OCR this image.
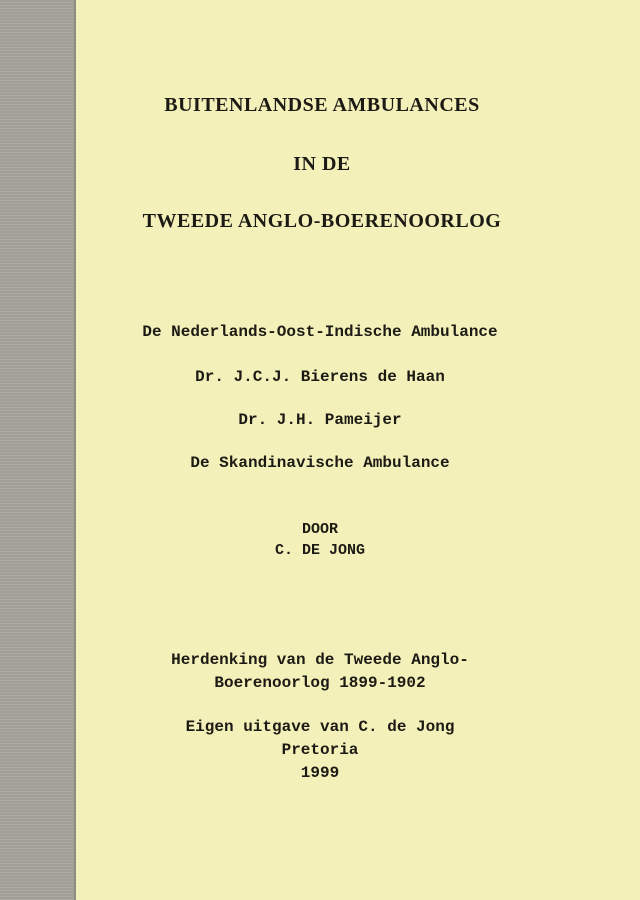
BUITENLANDSE AMBULANCES
IN DE
TWEEDE ANGLO-BOERENOORLOG
De Nederlands-Oost-Indische Ambulance
Dr. J.C.J. Bierens de Haan
Dr. J.H. Pameijer
De Skandinavische Ambulance
DOOR
C. DE JONG
Herdenking van de Tweede Anglo-
Boerenoorlog 1899-1902
Eigen uitgave van C. de Jong
Pretoria
1999
